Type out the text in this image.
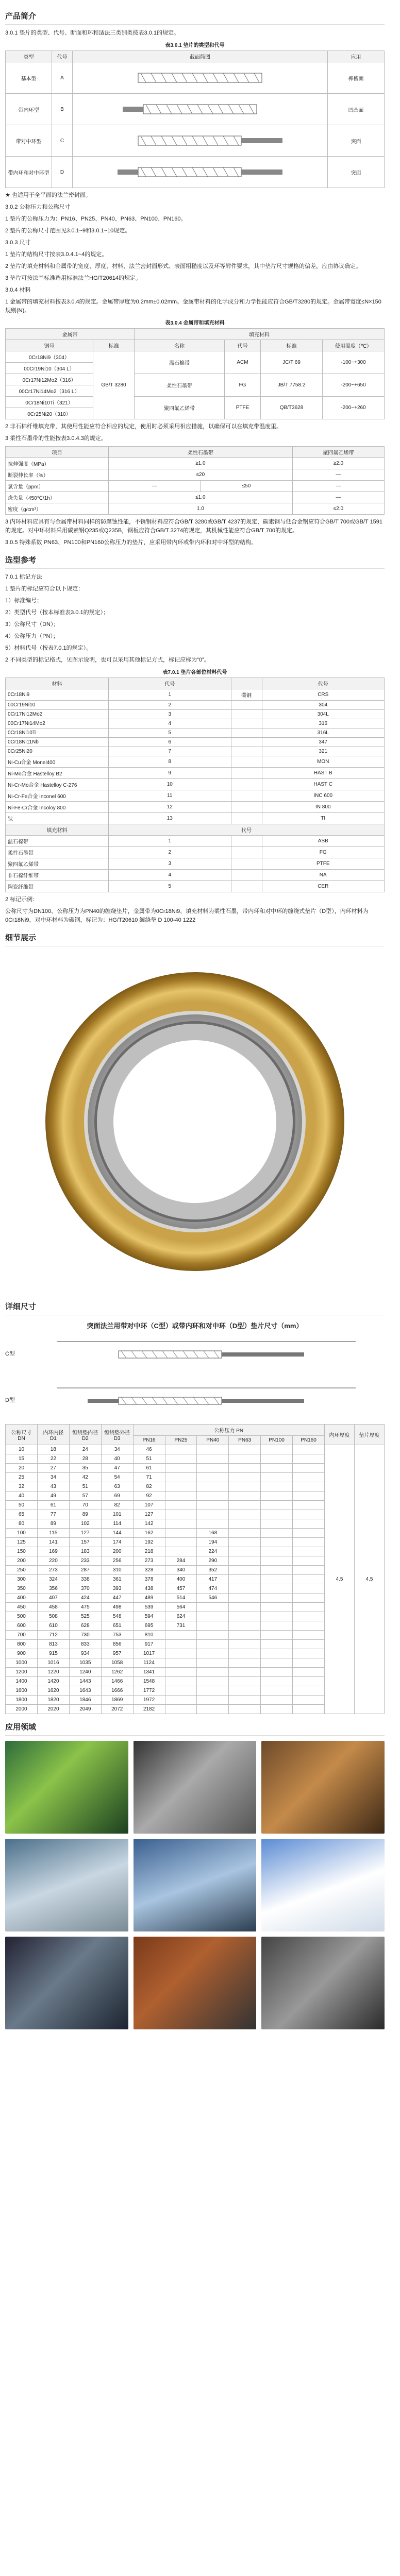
产品简介

3.0.1 垫片的类型、代号、断面和环和适法三类别类按表3.0.1的规定。

表3.0.1 垫片的类型和代号
类型	代号	截面简图	应用
基本型	A		榫槽面
带内环型	B		凹凸面
带对中环型	C		突面
带内环和对中环型	D		突面

★ 也适用于全平面的法兰密封面。

3.0.2 公称压力和公称尺寸

1 垫片的公称压力为：PN16、PN25、PN40、PN63、PN100、PN160。

2 垫片的公称尺寸范围见3.0.1~9和3.0.1~10规定。

3.0.3 尺寸

1 垫片的结构尺寸按表3.0.4.1~4的规定。

2 垫片的填充材料和金属带的宽度、厚度、材料、法兰密封面形式、表面粗糙度以及环等附件要求，其中垫片尺寸规格的偏差，应由协议确定。

3 垫片可按法兰标准选用标准法兰HG/T20614的规定。

3.0.4 材料

1 金属带的填充材料按表3.0.4的规定。金属带厚度为0.2mm±0.02mm。金属带材料的化学成分和力学性能应符合GB/T3280的规定。金属带宽度≤N×150规则(N)。

表3.0.4 金属带和填充材料
金属带		填充材料			
钢号	标准	名称	代号	标准	使用温度（℃）
0Cr18Ni9（304）	GB/T 3280	温石棉带	ACM	JC/T 69	-100~+300
00Cr19Ni10（304 L）					
0Cr17Ni12Mo2（316）		柔性石墨带	FG	JB/T 7758.2	-200~+650
00Cr17Ni14Mo2（316 L）					
0Cr18Ni10Ti（321）		聚四氟乙烯带	PTFE	QB/T3628	-200~+260
0Cr25Ni20（310）					

2 非石棉纤维填充带，其使用性能应符合相应的规定，使用时必须采用相应措施，以确保可以在填充带温度里。

3 柔性石墨带的性能按表3.0.4.3的规定。

项目	柔性石墨带		聚四氟乙烯带
拉伸强度（MPa）	≥1.0		≥2.0
断裂伸长率（%）	≤20		—
氯含量（ppm）	—	≤50	—
烧失量（450℃/1h）	≤1.0		—
密度（g/cm³）	1.0		≤2.0

3 内环材料应具有与金属带材料同样的防腐蚀性能，不锈钢材料应符合GB/T 3280或GB/T 4237的规定，碳素钢与低合金钢应符合GB/T 700或GB/T 1591的规定。对中环材料采用碳素钢Q235或Q235B，钢板应符合GB/T 3274的规定，其机械性能应符合GB/T 700的规定。

3.0.5 特殊系数 PN63、PN100和PN160公称压力的垫片，应采用带内环或带内环和对中环型的结构。

选型参考

7.0.1 标记方法

1 垫片的标记应符合以下规定：

1）标准编号；

2）类型代号（按本标准表3.0.1的规定）；

3）公称尺寸（DN）；

4）公称压力（PN）；

5）材料代号（按表7.0.1的规定）。

2 不同类型的标记格式，见图示说明，也可以采用其他标记方式，标记应标为“0”。

表7.0.1 垫片各部位材料代号
材料	代号		代号
0Cr18Ni9	1	碳钢	CRS
00Cr19Ni10	2		304
0Cr17Ni12Mo2	3		304L
00Cr17Ni14Mo2	4		316
0Cr18Ni10Ti	5		316L
0Cr18Ni11Nb	6		347
0Cr25Ni20	7		321
Ni-Cu合金 Monel400	8		MON
Ni-Mo合金 Hastelloy B2	9		HAST B
Ni-Cr-Mo合金 Hastelloy C-276	10		HAST C
Ni-Cr-Fe合金 Inconel 600	11		INC 600
Ni-Fe-Cr合金 Incoloy 800	12		IN 800
钛	13		TI
填充材料	代号		
温石棉带	1		ASB
柔性石墨带	2		FG
聚四氟乙烯带	3		PTFE
非石棉纤维带	4		NA
陶瓷纤维带	5		CER

2 标记示例：

公称尺寸为DN100、公称压力为PN40的缠绕垫片，金属带为0Cr18Ni9、填充材料为柔性石墨，带内环和对中环的缠绕式垫片（D型），内环材料为0Cr18Ni9，对中环材料为碳钢，标记为：HG/T20610 缠绕垫 D 100-40 1222

细节展示
详细尺寸
突面法兰用带对中环（C型）或带内环和对中环（D型）垫片尺寸（mm）
C型
D型
公称尺寸 DN	内环内径 D1	缠绕垫内径 D2	缠绕垫外径 D3	公称压力 PN						内环厚度	垫片厚度
				PN16	PN25	PN40	PN63	PN100	PN160		
10	18	24	34	46						4.5	4.5
15	22	28	40	51							
20	27	35	47	61							
25	34	42	54	71							
32	43	51	63	82							
40	49	57	69	92							
50	61	70	82	107							
65	77	89	101	127							
80	89	102	114	142							
100	115	127	144	162		168					
125	141	157	174	192		194					
150	169	183	200	218		224					
200	220	233	256	273	284	290					
250	273	287	310	328	340	352					
300	324	338	361	378	400	417					
350	356	370	393	438	457	474					
400	407	424	447	489	514	546					
450	458	475	498	539	564						
500	508	525	548	594	624						
600	610	628	651	695	731						
700	712	730	753	810							
800	813	833	856	917							
900	915	934	957	1017							
1000	1016	1035	1058	1124							
1200	1220	1240	1262	1341							
1400	1420	1443	1466	1548							
1600	1620	1643	1666	1772							
1800	1820	1846	1869	1972							
2000	2020	2049	2072	2182							
应用领域
